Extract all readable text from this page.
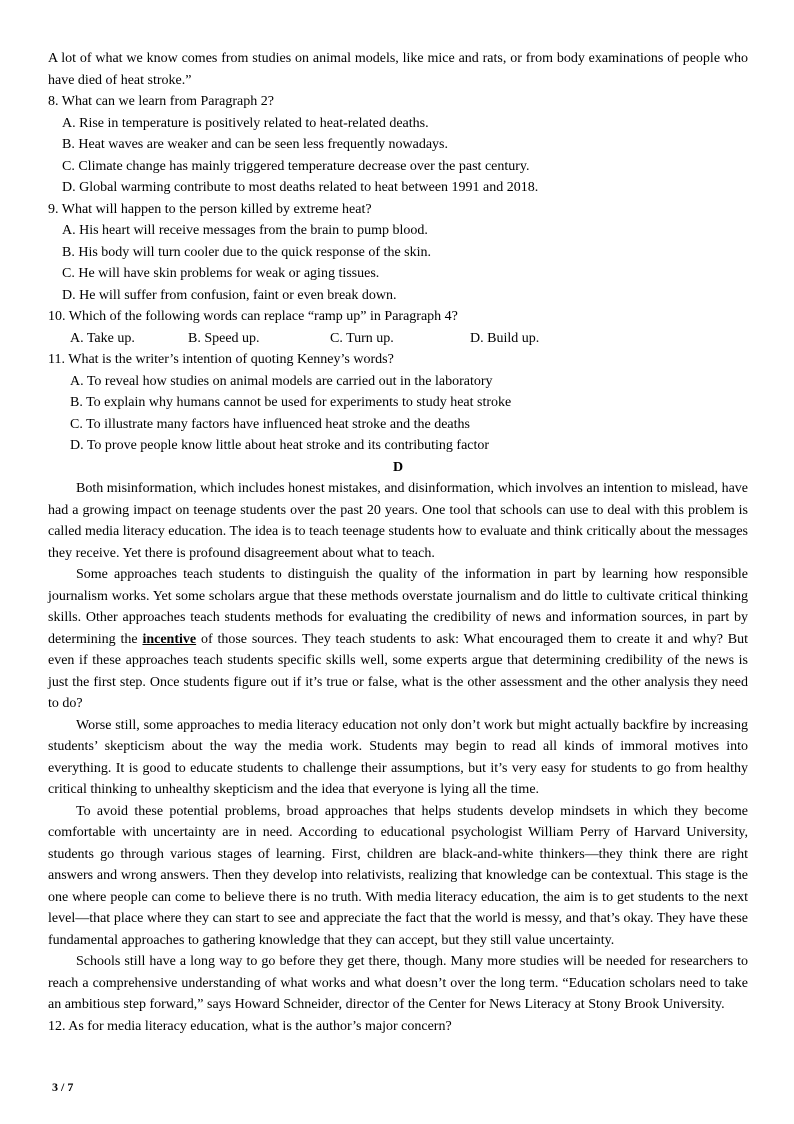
A lot of what we know comes from studies on animal models, like mice and rats, or from body examinations of people who have died of heat stroke.”

8. What can we learn from Paragraph 2?

A. Rise in temperature is positively related to heat-related deaths.

B. Heat waves are weaker and can be seen less frequently nowadays.

C. Climate change has mainly triggered temperature decrease over the past century.

D. Global warming contribute to most deaths related to heat between 1991 and 2018.

9. What will happen to the person killed by extreme heat?

A. His heart will receive messages from the brain to pump blood.

B. His body will turn cooler due to the quick response of the skin.

C. He will have skin problems for weak or aging tissues.

D. He will suffer from confusion, faint or even break down.

10. Which of the following words can replace “ramp up” in Paragraph 4?

A. Take up.	B. Speed up.	C. Turn up.	D. Build up.

11. What is the writer’s intention of quoting Kenney’s words?

A. To reveal how studies on animal models are carried out in the laboratory

B. To explain why humans cannot be used for experiments to study heat stroke

C. To illustrate many factors have influenced heat stroke and the deaths

D. To prove people know little about heat stroke and its contributing factor

D

Both misinformation, which includes honest mistakes, and disinformation, which involves an intention to mislead, have had a growing impact on teenage students over the past 20 years. One tool that schools can use to deal with this problem is called media literacy education. The idea is to teach teenage students how to evaluate and think critically about the messages they receive. Yet there is profound disagreement about what to teach.

Some approaches teach students to distinguish the quality of the information in part by learning how responsible journalism works. Yet some scholars argue that these methods overstate journalism and do little to cultivate critical thinking skills. Other approaches teach students methods for evaluating the credibility of news and information sources, in part by determining the incentive of those sources. They teach students to ask: What encouraged them to create it and why? But even if these approaches teach students specific skills well, some experts argue that determining credibility of the news is just the first step. Once students figure out if it’s true or false, what is the other assessment and the other analysis they need to do?

Worse still, some approaches to media literacy education not only don’t work but might actually backfire by increasing students’ skepticism about the way the media work. Students may begin to read all kinds of immoral motives into everything. It is good to educate students to challenge their assumptions, but it’s very easy for students to go from healthy critical thinking to unhealthy skepticism and the idea that everyone is lying all the time.

To avoid these potential problems, broad approaches that helps students develop mindsets in which they become comfortable with uncertainty are in need. According to educational psychologist William Perry of Harvard University, students go through various stages of learning. First, children are black-and-white thinkers—they think there are right answers and wrong answers. Then they develop into relativists, realizing that knowledge can be contextual. This stage is the one where people can come to believe there is no truth. With media literacy education, the aim is to get students to the next level—that place where they can start to see and appreciate the fact that the world is messy, and that’s okay. They have these fundamental approaches to gathering knowledge that they can accept, but they still value uncertainty.

Schools still have a long way to go before they get there, though. Many more studies will be needed for researchers to reach a comprehensive understanding of what works and what doesn’t over the long term. “Education scholars need to take an ambitious step forward,” says Howard Schneider, director of the Center for News Literacy at Stony Brook University.

12. As for media literacy education, what is the author’s major concern?

3 / 7
